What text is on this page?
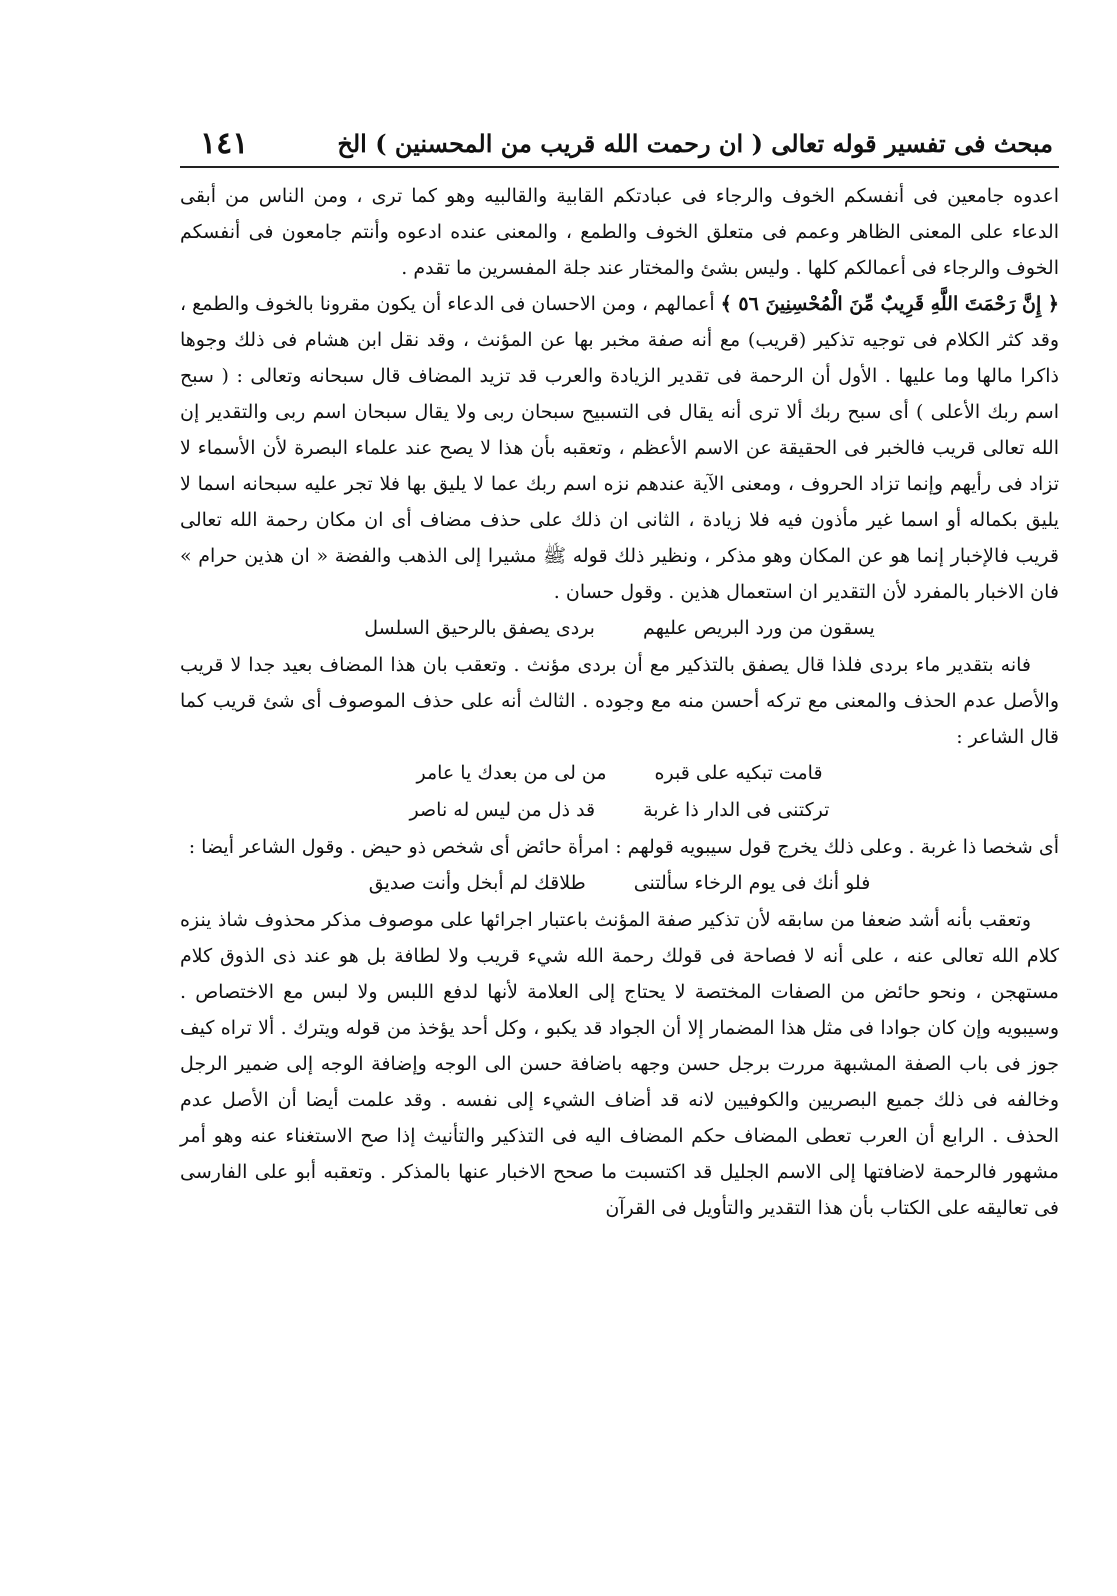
مبحث فى تفسير قوله تعالى ( ان رحمت الله قريب من المحسنين ) الخ
١٤١

اعدوه جامعين فى أنفسكم الخوف والرجاء فى عبادتكم القابية والقالبيه وهو كما ترى ، ومن الناس من أبقى الدعاء على المعنى الظاهر وعمم فى متعلق الخوف والطمع ، والمعنى عنده ادعوه وأنتم جامعون فى أنفسكم الخوف والرجاء فى أعمالكم كلها . وليس بشئ والمختار عند جلة المفسرين ما تقدم .

﴿ إِنَّ رَحْمَتَ اللَّهِ قَرِيبٌ مِّنَ الْمُحْسِنِينَ ٥٦ ﴾ أعمالهم ، ومن الاحسان فى الدعاء أن يكون مقرونا بالخوف والطمع ، وقد كثر الكلام فى توجيه تذكير (قريب) مع أنه صفة مخبر بها عن المؤنث ، وقد نقل ابن هشام فى ذلك وجوها ذاكرا مالها وما عليها . الأول أن الرحمة فى تقدير الزيادة والعرب قد تزيد المضاف قال سبحانه وتعالى : ( سبح اسم ربك الأعلى ) أى سبح ربك ألا ترى أنه يقال فى التسبيح سبحان ربى ولا يقال سبحان اسم ربى والتقدير إن الله تعالى قريب فالخبر فى الحقيقة عن الاسم الأعظم ، وتعقبه بأن هذا لا يصح عند علماء البصرة لأن الأسماء لا تزاد فى رأيهم وإنما تزاد الحروف ، ومعنى الآية عندهم نزه اسم ربك عما لا يليق بها فلا تجر عليه سبحانه اسما لا يليق بكماله أو اسما غير مأذون فيه فلا زيادة ، الثانى ان ذلك على حذف مضاف أى ان مكان رحمة الله تعالى قريب فالإخبار إنما هو عن المكان وهو مذكر ، ونظير ذلك قوله ﷺ مشيرا إلى الذهب والفضة « ان هذين حرام » فان الاخبار بالمفرد لأن التقدير ان استعمال هذين . وقول حسان .

يسقون من ورد البريص عليهم
بردى يصفق بالرحيق السلسل

فانه بتقدير ماء بردى فلذا قال يصفق بالتذكير مع أن بردى مؤنث . وتعقب بان هذا المضاف بعيد جدا لا قريب والأصل عدم الحذف والمعنى مع تركه أحسن منه مع وجوده . الثالث أنه على حذف الموصوف أى شئ قريب كما قال الشاعر :

قامت تبكيه على قبره
من لى من بعدك يا عامر
تركتنى فى الدار ذا غربة
قد ذل من ليس له ناصر

أى شخصا ذا غربة . وعلى ذلك يخرج قول سيبويه قولهم : امرأة حائض أى شخص ذو حيض . وقول الشاعر أيضا :

فلو أنك فى يوم الرخاء سألتنى
طلاقك لم أبخل وأنت صديق

وتعقب بأنه أشد ضعفا من سابقه لأن تذكير صفة المؤنث باعتبار اجرائها على موصوف مذكر محذوف شاذ ينزه كلام الله تعالى عنه ، على أنه لا فصاحة فى قولك رحمة الله شيء قريب ولا لطافة بل هو عند ذى الذوق كلام مستهجن ، ونحو حائض من الصفات المختصة لا يحتاج إلى العلامة لأنها لدفع اللبس ولا لبس مع الاختصاص . وسيبويه وإن كان جوادا فى مثل هذا المضمار إلا أن الجواد قد يكبو ، وكل أحد يؤخذ من قوله ويترك . ألا تراه كيف جوز فى باب الصفة المشبهة مررت برجل حسن وجهه باضافة حسن الى الوجه وإضافة الوجه إلى ضمير الرجل وخالفه فى ذلك جميع البصريين والكوفيين لانه قد أضاف الشيء إلى نفسه . وقد علمت أيضا أن الأصل عدم الحذف . الرابع أن العرب تعطى المضاف حكم المضاف اليه فى التذكير والتأنيث إذا صح الاستغناء عنه وهو أمر مشهور فالرحمة لاضافتها إلى الاسم الجليل قد اكتسبت ما صحح الاخبار عنها بالمذكر . وتعقبه أبو على الفارسى فى تعاليقه على الكتاب بأن هذا التقدير والتأويل فى القرآن
